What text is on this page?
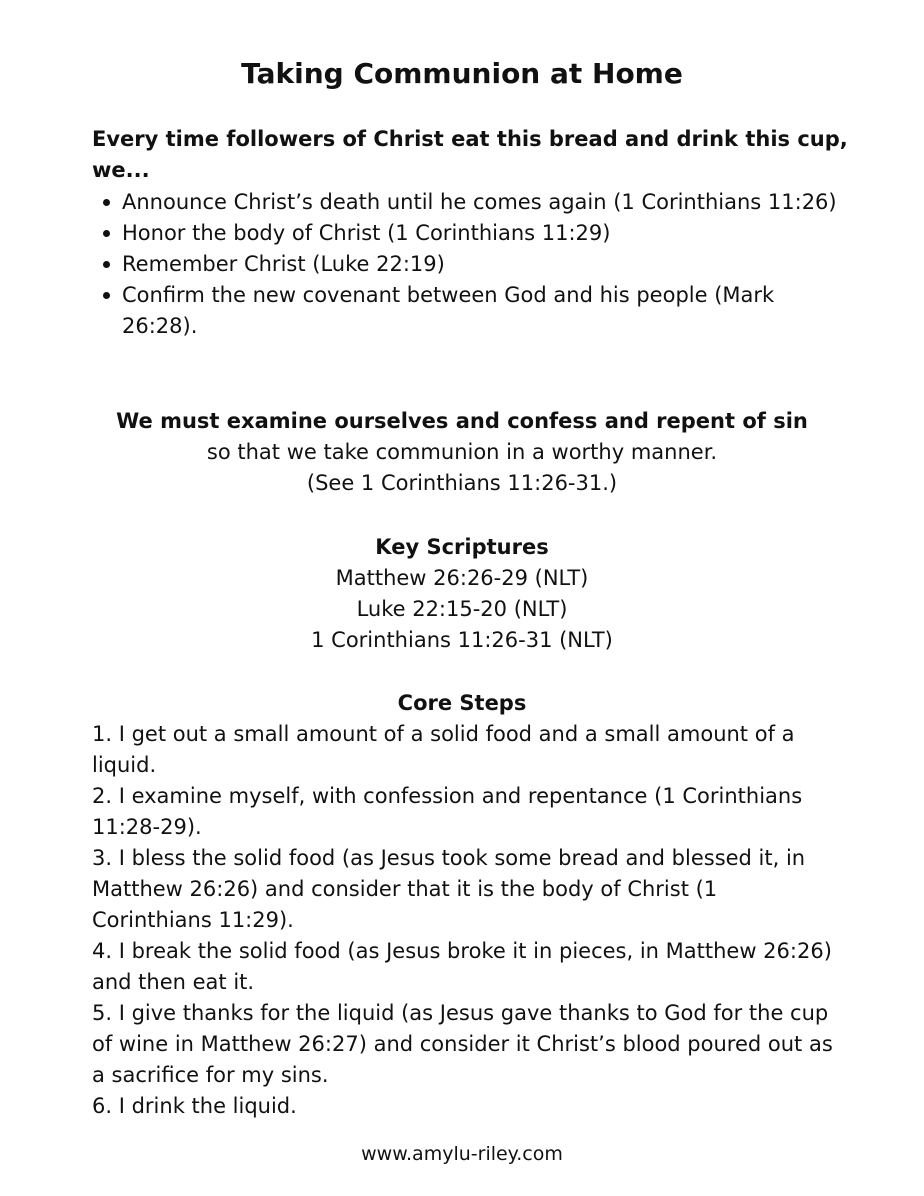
Taking Communion at Home

Every time followers of Christ eat this bread and drink this cup, we...

Announce Christ’s death until he comes again (1 Corinthians 11:26)
Honor the body of Christ (1 Corinthians 11:29)
Remember Christ (Luke 22:19)
Confirm the new covenant between God and his people (Mark 26:28).
We must examine ourselves and confess and repent of sin
so that we take communion in a worthy manner.
(See 1 Corinthians 11:26-31.)
Key Scriptures
Matthew 26:26-29 (NLT)
Luke 22:15-20 (NLT)
1 Corinthians 11:26-31 (NLT)
Core Steps
1. I get out a small amount of a solid food and a small amount of a liquid.
2. I examine myself, with confession and repentance (1 Corinthians 11:28-29).
3. I bless the solid food (as Jesus took some bread and blessed it, in Matthew 26:26) and consider that it is the body of Christ (1 Corinthians 11:29).
4. I break the solid food (as Jesus broke it in pieces, in Matthew 26:26) and then eat it.
5. I give thanks for the liquid (as Jesus gave thanks to God for the cup of wine in Matthew 26:27) and consider it Christ’s blood poured out as a sacrifice for my sins.
6. I drink the liquid.

www.amylu-riley.com
